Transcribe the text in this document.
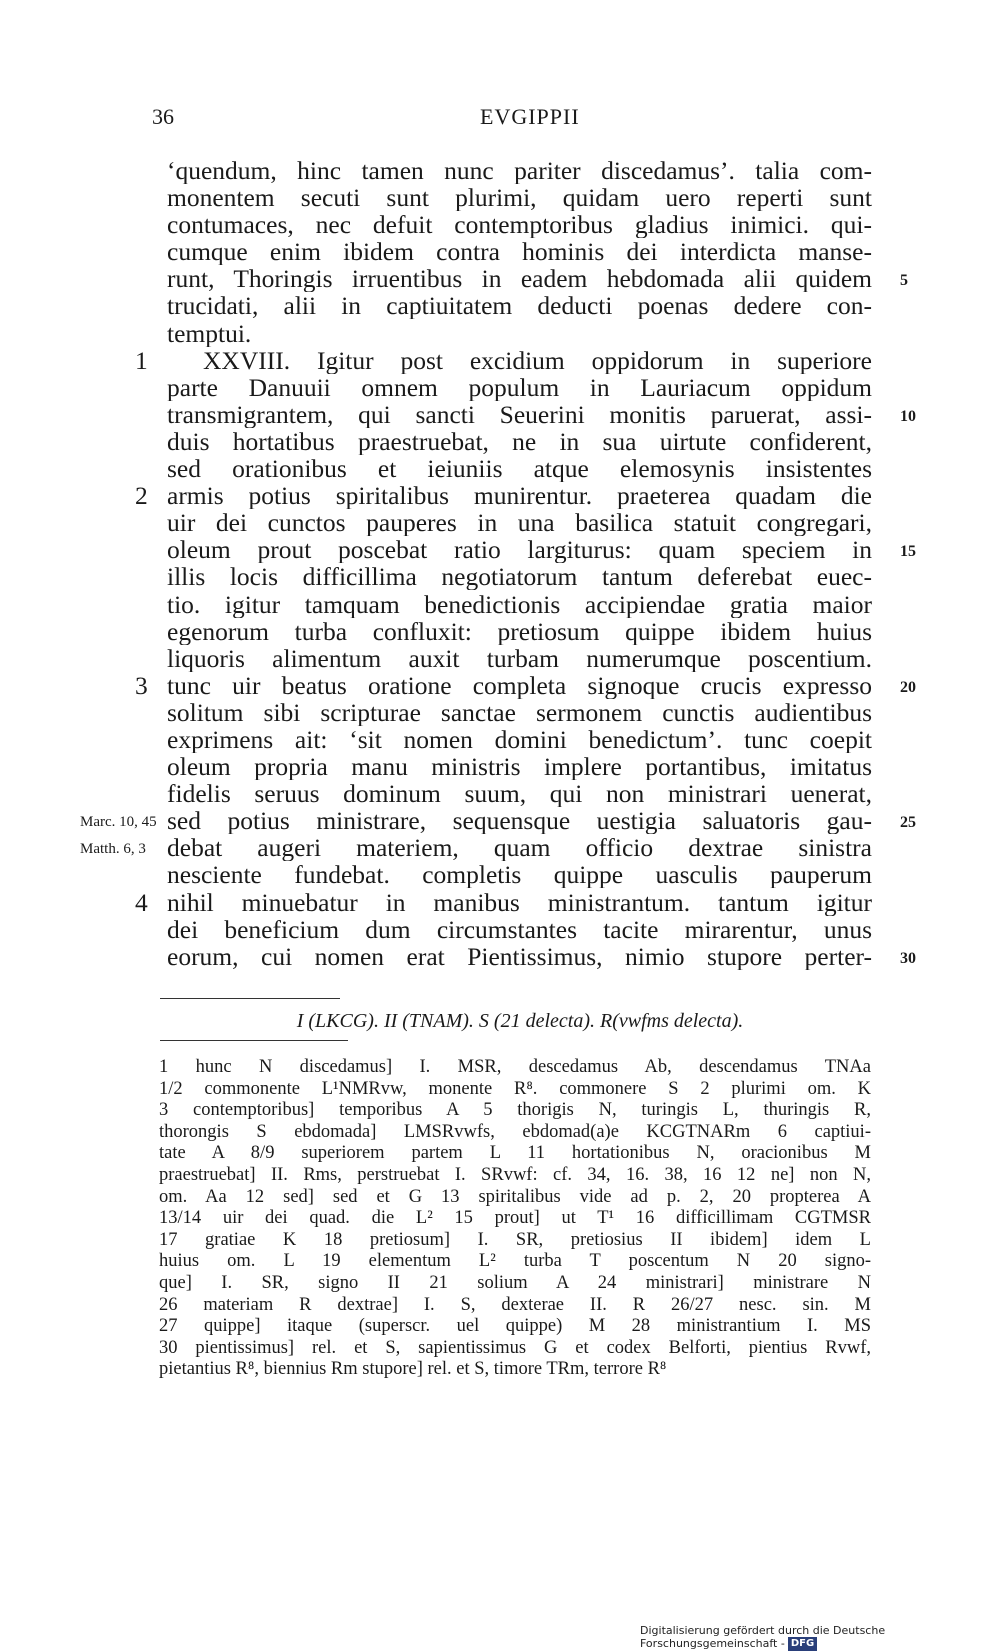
36	EVGIPPII
‘quendum, hinc tamen nunc pariter discedamus’. talia com-
monentem secuti sunt plurimi, quidam uero reperti sunt
contumaces, nec defuit contemptoribus gladius inimici. qui-
cumque enim ibidem contra hominis dei interdicta manse-
runt, Thoringis irruentibus in eadem hebdomada alii quidem 5
trucidati, alii in captiuitatem deducti poenas dedere con-
temptui.
1 XXVIII. Igitur post excidium oppidorum in superiore
parte Danuuii omnem populum in Lauriacum oppidum
transmigrantem, qui sancti Seuerini monitis paruerat, assi- 10
duis hortatibus praestruebat, ne in sua uirtute confiderent,
sed orationibus et ieiuniis atque elemosynis insistentes
2 armis potius spiritalibus munirentur. praeterea quadam die
uir dei cunctos pauperes in una basilica statuit congregari,
oleum prout poscebat ratio largiturus: quam speciem in 15
illis locis difficillima negotiatorum tantum deferebat euec-
tio. igitur tamquam benedictionis accipiendae gratia maior
egenorum turba confluxit: pretiosum quippe ibidem huius
liquoris alimentum auxit turbam numerumque poscentium.
3 tunc uir beatus oratione completa signoque crucis expresso 20
solitum sibi scripturae sanctae sermonem cunctis audientibus
exprimens ait: ‘sit nomen domini benedictum’. tunc coepit
oleum propria manu ministris implere portantibus, imitatus
fidelis seruus dominum suum, qui non ministrari uenerat,
Marc. 10, 45 sed potius ministrare, sequensque uestigia saluatoris gau- 25
Matth. 6, 3 debat augeri materiem, quam officio dextrae sinistra
nesciente fundebat. completis quippe uasculis pauperum
4 nihil minuebatur in manibus ministrantum. tantum igitur
dei beneficium dum circumstantes tacite mirarentur, unus
eorum, cui nomen erat Pientissimus, nimio stupore perter- 30
I (LKCG). II (TNAM). S (21 delecta). R(vwfms delecta).
1 hunc N discedamus] I. MSR, descedamus Ab, descendamus TNAa
1/2 commonente L¹NMRvw, monente R⁸. commonere S 2 plurimi om. K
3 contemptoribus] temporibus A 5 thorigis N, turingis L, thuringis R,
thorongis S ebdomada] LMSRvwfs, ebdomad(a)e KCGTNARm 6 captiui-
tate A 8/9 superiorem partem L 11 hortationibus N, oracionibus M
praestruebat] II. Rms, perstruebat I. SRvwf: cf. 34, 16. 38, 16 12 ne] non N,
om. Aa 12 sed] sed et G 13 spiritalibus vide ad p. 2, 20 propterea A
13/14 uir dei quad. die L² 15 prout] ut T¹ 16 difficillimam CGTMSR
17 gratiae K 18 pretiosum] I. SR, pretiosius II ibidem] idem L
huius om. L 19 elementum L² turba T poscentum N 20 signo-
que] I. SR, signo II 21 solium A 24 ministrari] ministrare N
26 materiam R dextrae] I. S, dexterae II. R 26/27 nesc. sin. M
27 quippe] itaque (superscr. uel quippe) M 28 ministrantium I. MS
30 pientissimus] rel. et S, sapientissimus G et codex Belforti, pientius Rvwf,
pietantius R⁸, biennius Rm stupore] rel. et S, timore TRm, terrore R⁸
Digitalisierung gefördert durch die Deutsche Forschungsgemeinschaft - DFG
